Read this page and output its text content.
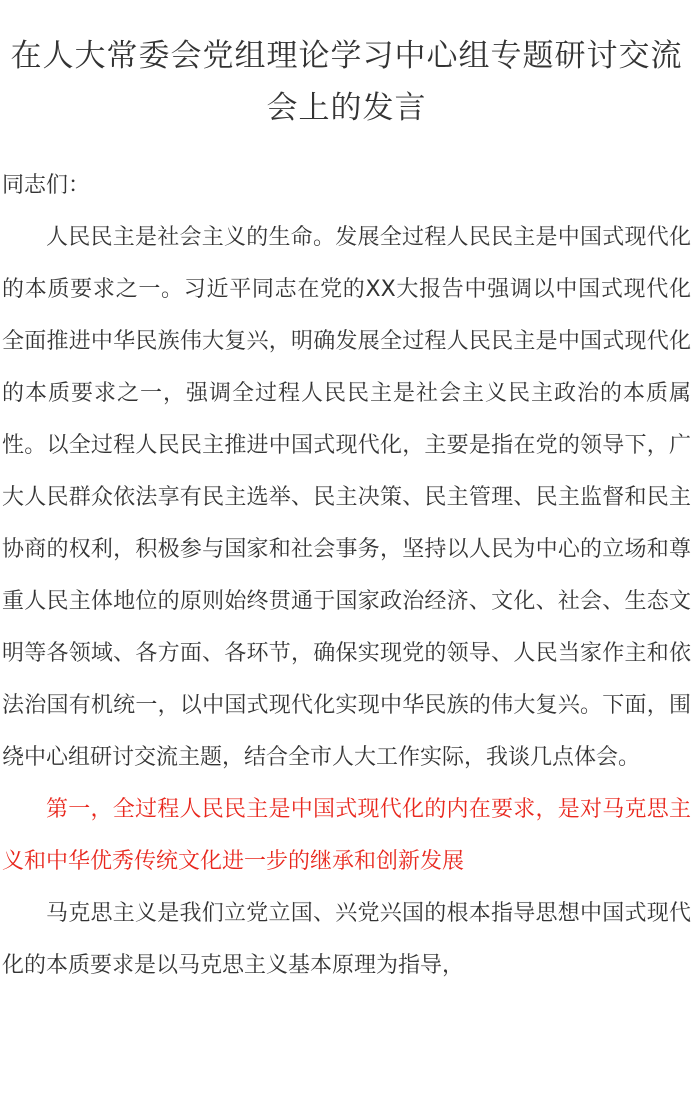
在人大常委会党组理论学习中心组专题研讨交流会上的发言

同志们：

人民民主是社会主义的生命。发展全过程人民民主是中国式现代化的本质要求之一。习近平同志在党的XX大报告中强调以中国式现代化全面推进中华民族伟大复兴，明确发展全过程人民民主是中国式现代化的本质要求之一，强调全过程人民民主是社会主义民主政治的本质属性。以全过程人民民主推进中国式现代化，主要是指在党的领导下，广大人民群众依法享有民主选举、民主决策、民主管理、民主监督和民主协商的权利，积极参与国家和社会事务，坚持以人民为中心的立场和尊重人民主体地位的原则始终贯通于国家政治经济、文化、社会、生态文明等各领域、各方面、各环节，确保实现党的领导、人民当家作主和依法治国有机统一，以中国式现代化实现中华民族的伟大复兴。下面，围绕中心组研讨交流主题，结合全市人大工作实际，我谈几点体会。

第一，全过程人民民主是中国式现代化的内在要求，是对马克思主义和中华优秀传统文化进一步的继承和创新发展

马克思主义是我们立党立国、兴党兴国的根本指导思想中国式现代化的本质要求是以马克思主义基本原理为指导，
